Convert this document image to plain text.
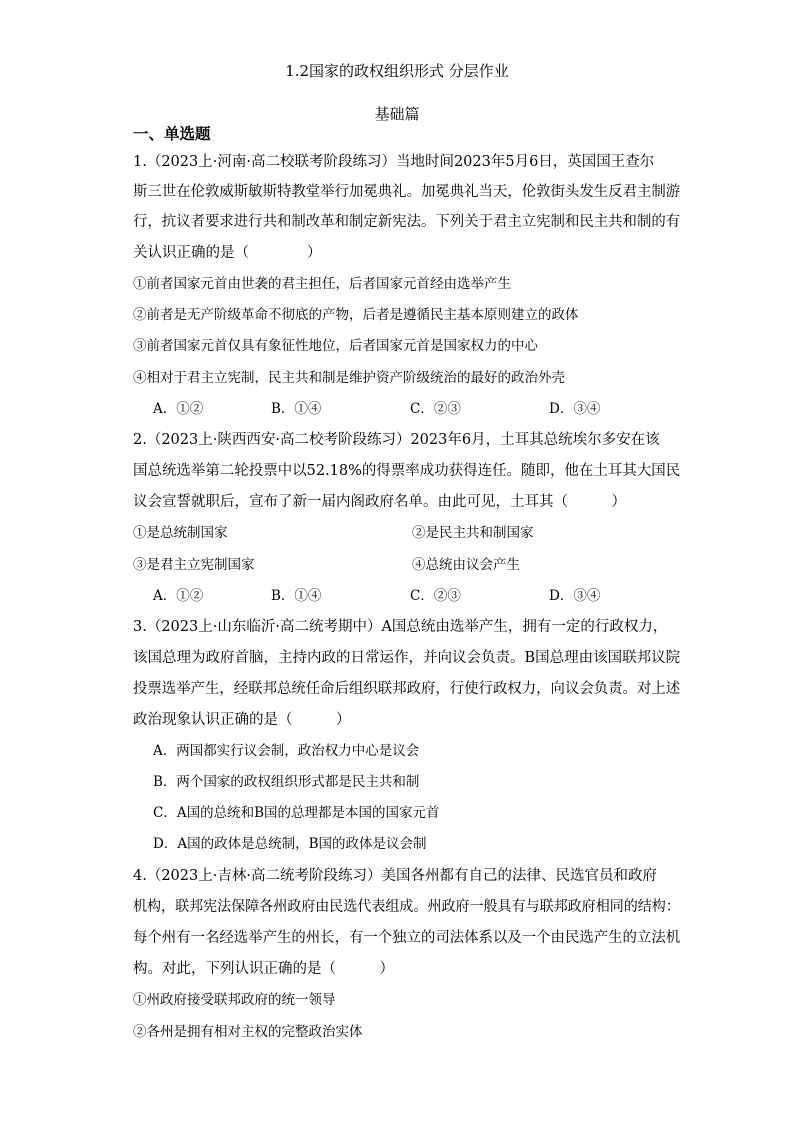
1.2国家的政权组织形式 分层作业
基础篇
一、单选题
1.（2023上·河南·高二校联考阶段练习）当地时间2023年5月6日，英国国王查尔
斯三世在伦敦威斯敏斯特教堂举行加冕典礼。加冕典礼当天，伦敦街头发生反君主制游
行，抗议者要求进行共和制改革和制定新宪法。下列关于君主立宪制和民主共和制的有
关认识正确的是（　　　　）
①前者国家元首由世袭的君主担任，后者国家元首经由选举产生
②前者是无产阶级革命不彻底的产物，后者是遵循民主基本原则建立的政体
③前者国家元首仅具有象征性地位，后者国家元首是国家权力的中心
④相对于君主立宪制，民主共和制是维护资产阶级统治的最好的政治外壳
A．①②	B．①④	C．②③	D．③④
2.（2023上·陕西西安·高二校考阶段练习）2023年6月，土耳其总统埃尔多安在该
国总统选举第二轮投票中以52.18%的得票率成功获得连任。随即，他在土耳其大国民
议会宣誓就职后，宣布了新一届内阁政府名单。由此可见，土耳其（　　　）
①是总统制国家	②是民主共和制国家
③是君主立宪制国家	④总统由议会产生
A．①②	B．①④	C．②③	D．③④
3.（2023上·山东临沂·高二统考期中）A国总统由选举产生，拥有一定的行政权力，
该国总理为政府首脑，主持内政的日常运作，并向议会负责。B国总理由该国联邦议院
投票选举产生，经联邦总统任命后组织联邦政府，行使行政权力，向议会负责。对上述
政治现象认识正确的是（　　　）
A．两国都实行议会制，政治权力中心是议会
B．两个国家的政权组织形式都是民主共和制
C．A国的总统和B国的总理都是本国的国家元首
D．A国的政体是总统制，B国的政体是议会制
4.（2023上·吉林·高二统考阶段练习）美国各州都有自己的法律、民选官员和政府
机构，联邦宪法保障各州政府由民选代表组成。州政府一般具有与联邦政府相同的结构：
每个州有一名经选举产生的州长，有一个独立的司法体系以及一个由民选产生的立法机
构。对此，下列认识正确的是（　　　）
①州政府接受联邦政府的统一领导
②各州是拥有相对主权的完整政治实体
